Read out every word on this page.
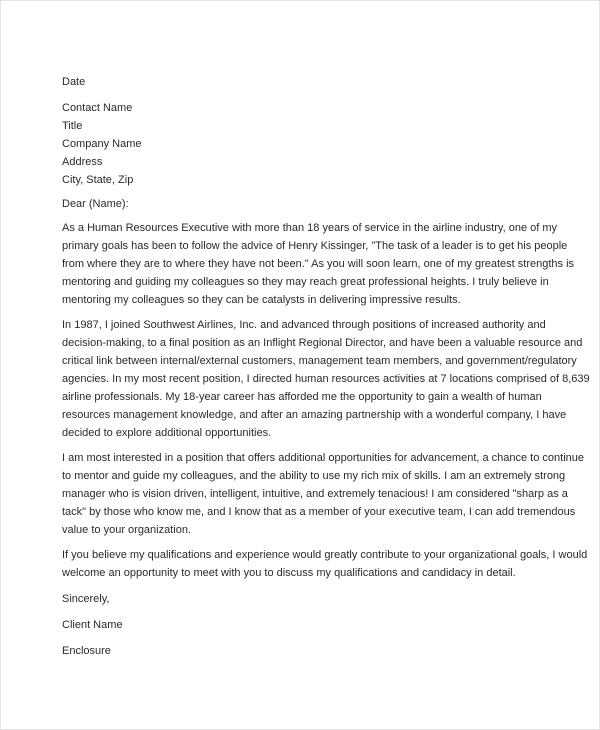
Date
Contact Name
Title
Company Name
Address
City, State, Zip
Dear (Name):

As a Human Resources Executive with more than 18 years of service in the airline industry, one of my
primary goals has been to follow the advice of Henry Kissinger, "The task of a leader is to get his people
from where they are to where they have not been." As you will soon learn, one of my greatest strengths is
mentoring and guiding my colleagues so they may reach great professional heights. I truly believe in
mentoring my colleagues so they can be catalysts in delivering impressive results.

In 1987, I joined Southwest Airlines, Inc. and advanced through positions of increased authority and
decision-making, to a final position as an Inflight Regional Director, and have been a valuable resource and
critical link between internal/external customers, management team members, and government/regulatory
agencies. In my most recent position, I directed human resources activities at 7 locations comprised of 8,639
airline professionals. My 18-year career has afforded me the opportunity to gain a wealth of human
resources management knowledge, and after an amazing partnership with a wonderful company, I have
decided to explore additional opportunities.

I am most interested in a position that offers additional opportunities for advancement, a chance to continue
to mentor and guide my colleagues, and the ability to use my rich mix of skills. I am an extremely strong
manager who is vision driven, intelligent, intuitive, and extremely tenacious! I am considered "sharp as a
tack" by those who know me, and I know that as a member of your executive team, I can add tremendous
value to your organization.

If you believe my qualifications and experience would greatly contribute to your organizational goals, I would
welcome an opportunity to meet with you to discuss my qualifications and candidacy in detail.

Sincerely,
Client Name
Enclosure
